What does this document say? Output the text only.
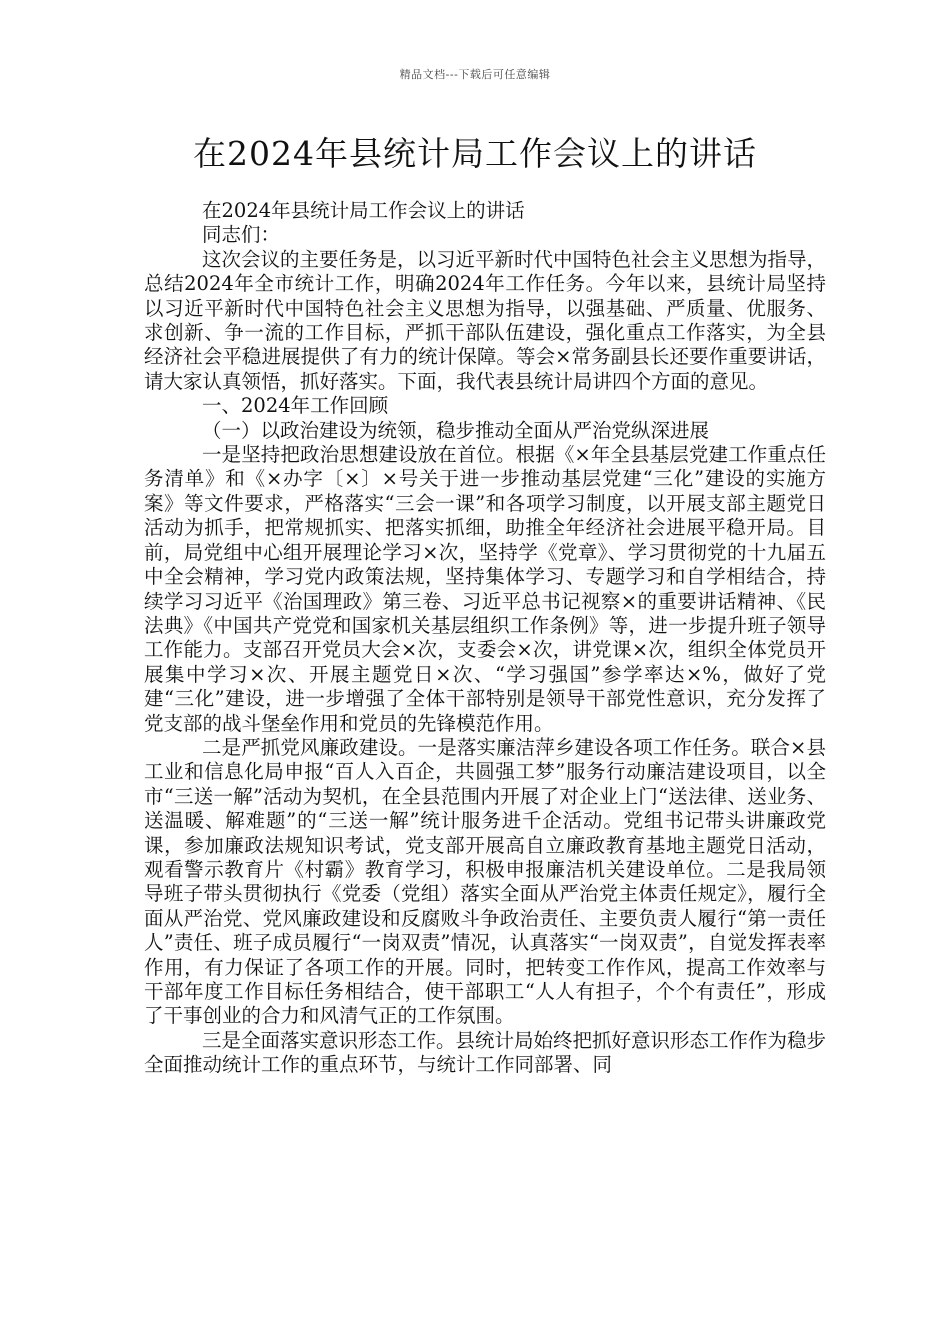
精品文档---下载后可任意编辑
在2024年县统计局工作会议上的讲话

在2024年县统计局工作会议上的讲话

同志们：

这次会议的主要任务是，以习近平新时代中国特色社会主义思想为指导，总结2024年全市统计工作，明确2024年工作任务。今年以来，县统计局坚持以习近平新时代中国特色社会主义思想为指导，以强基础、严质量、优服务、求创新、争一流的工作目标，严抓干部队伍建设，强化重点工作落实，为全县经济社会平稳进展提供了有力的统计保障。等会×常务副县长还要作重要讲话，请大家认真领悟，抓好落实。下面，我代表县统计局讲四个方面的意见。

一、2024年工作回顾

（一）以政治建设为统领，稳步推动全面从严治党纵深进展

一是坚持把政治思想建设放在首位。根据《×年全县基层党建工作重点任务清单》和《×办字〔×〕×号关于进一步推动基层党建“三化”建设的实施方案》等文件要求，严格落实“三会一课”和各项学习制度，以开展支部主题党日活动为抓手，把常规抓实、把落实抓细，助推全年经济社会进展平稳开局。目前，局党组中心组开展理论学习×次，坚持学《党章》、学习贯彻党的十九届五中全会精神，学习党内政策法规，坚持集体学习、专题学习和自学相结合，持续学习习近平《治国理政》第三卷、习近平总书记视察×的重要讲话精神、《民法典》《中国共产党党和国家机关基层组织工作条例》等，进一步提升班子领导工作能力。支部召开党员大会×次，支委会×次，讲党课×次，组织全体党员开展集中学习×次、开展主题党日×次、“学习强国”参学率达×%，做好了党建“三化”建设，进一步增强了全体干部特别是领导干部党性意识，充分发挥了党支部的战斗堡垒作用和党员的先锋模范作用。

二是严抓党风廉政建设。一是落实廉洁萍乡建设各项工作任务。联合×县工业和信息化局申报“百人入百企，共圆强工梦”服务行动廉洁建设项目，以全市“三送一解”活动为契机，在全县范围内开展了对企业上门“送法律、送业务、送温暖、解难题”的“三送一解”统计服务进千企活动。党组书记带头讲廉政党课，参加廉政法规知识考试，党支部开展高自立廉政教育基地主题党日活动，观看警示教育片《村霸》教育学习，积极申报廉洁机关建设单位。二是我局领导班子带头贯彻执行《党委（党组）落实全面从严治党主体责任规定》，履行全面从严治党、党风廉政建设和反腐败斗争政治责任、主要负责人履行“第一责任人”责任、班子成员履行“一岗双责”情况，认真落实“一岗双责”，自觉发挥表率作用，有力保证了各项工作的开展。同时，把转变工作作风，提高工作效率与干部年度工作目标任务相结合，使干部职工“人人有担子，个个有责任”，形成了干事创业的合力和风清气正的工作氛围。

三是全面落实意识形态工作。县统计局始终把抓好意识形态工作作为稳步全面推动统计工作的重点环节，与统计工作同部署、同
